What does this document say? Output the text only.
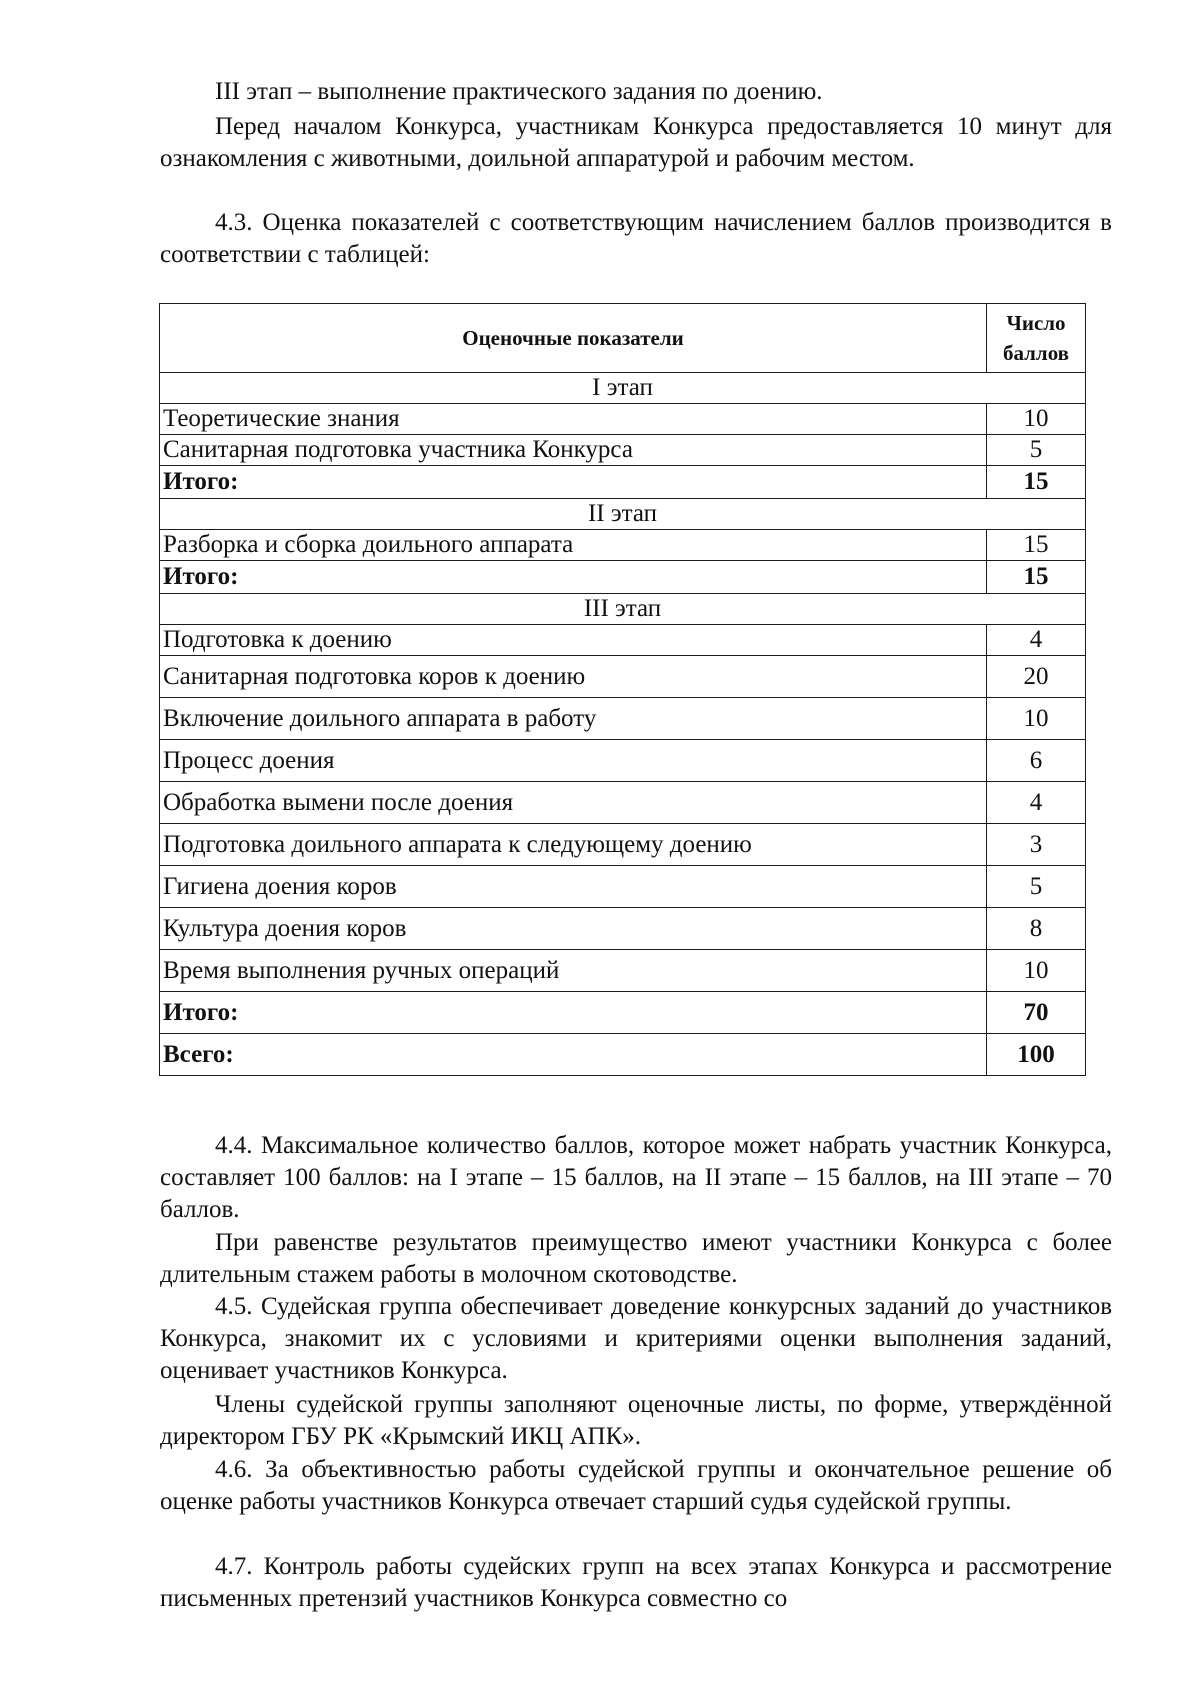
III этап – выполнение практического задания по доению.

Перед началом Конкурса, участникам Конкурса предоставляется 10 минут для ознакомления с животными, доильной аппаратурой и рабочим местом.

4.3. Оценка показателей с соответствующим начислением баллов производится в соответствии с таблицей:

Оценочные показатели	Число баллов
I этап	
Теоретические знания	10
Санитарная подготовка участника Конкурса	5
Итого:	15
II этап	
Разборка и сборка доильного аппарата	15
Итого:	15
III этап	
Подготовка к доению	4
Санитарная подготовка коров к доению	20
Включение доильного аппарата в работу	10
Процесс доения	6
Обработка вымени после доения	4
Подготовка доильного аппарата к следующему доению	3
Гигиена доения коров	5
Культура доения коров	8
Время выполнения ручных операций	10
Итого:	70
Всего:	100

4.4. Максимальное количество баллов, которое может набрать участник Конкурса, составляет 100 баллов: на I этапе – 15 баллов, на II этапе – 15 баллов, на III этапе – 70 баллов.

При равенстве результатов преимущество имеют участники Конкурса с более длительным стажем работы в молочном скотоводстве.

4.5. Судейская группа обеспечивает доведение конкурсных заданий до участников Конкурса, знакомит их с условиями и критериями оценки выполнения заданий, оценивает участников Конкурса.

Члены судейской группы заполняют оценочные листы, по форме, утверждённой директором ГБУ РК «Крымский ИКЦ АПК».

4.6. За объективностью работы судейской группы и окончательное решение об оценке работы участников Конкурса отвечает старший судья судейской группы.

4.7. Контроль работы судейских групп на всех этапах Конкурса и рассмотрение письменных претензий участников Конкурса совместно со
